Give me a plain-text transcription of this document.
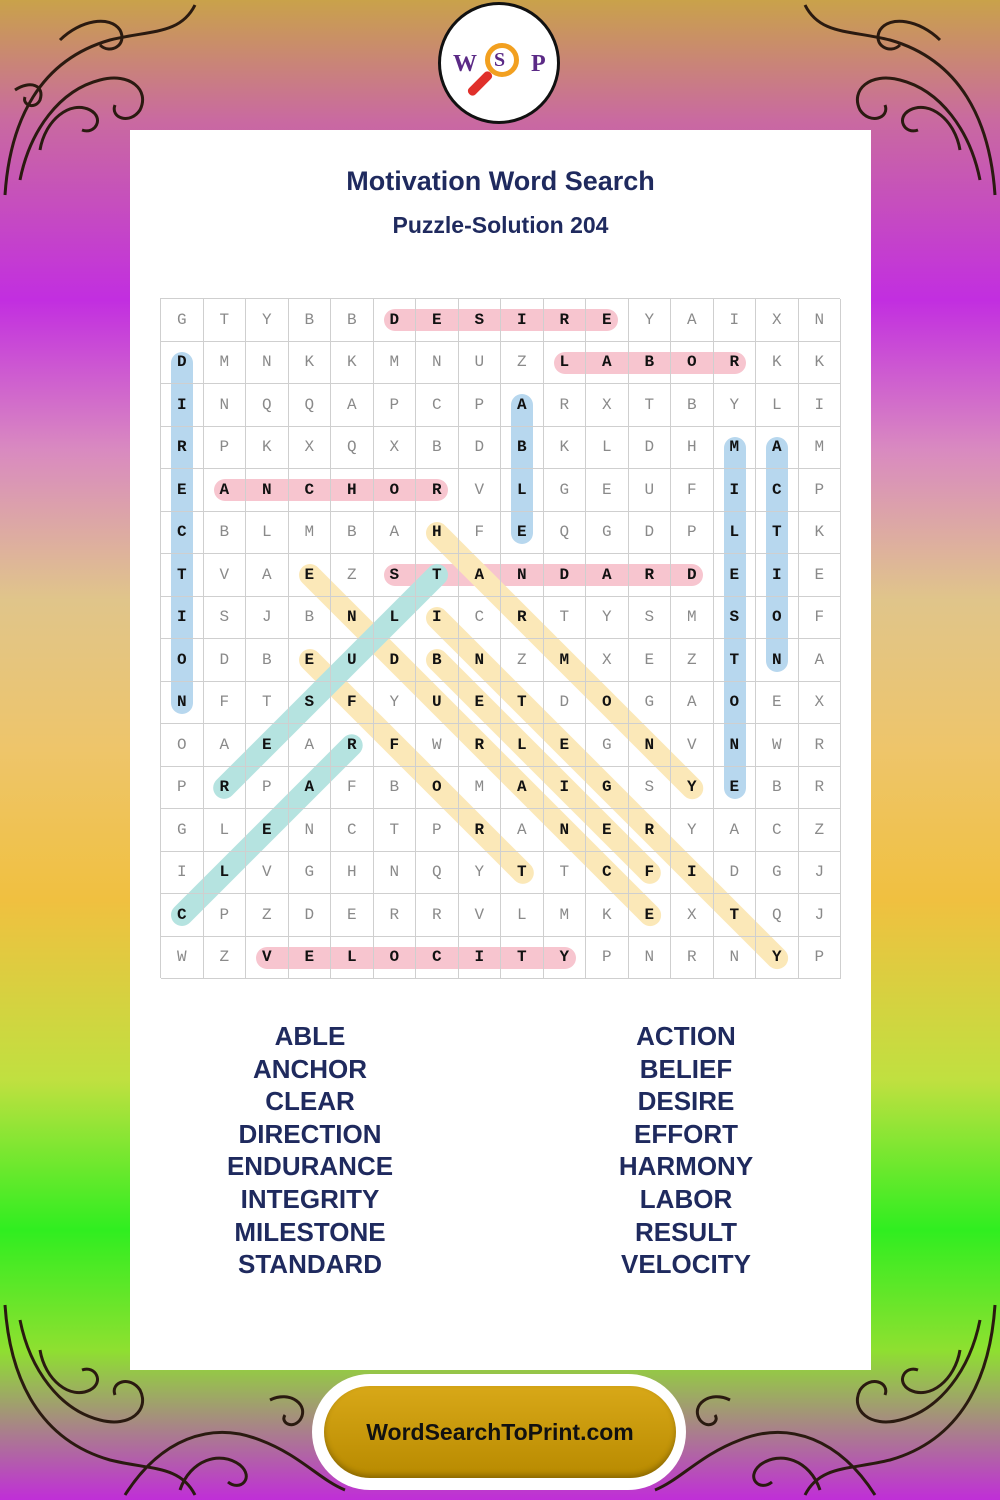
W S P
Motivation Word Search
Puzzle-Solution 204
G	T	Y	B	B	D	E	S	I	R	E	Y	A	I	X	N
D	M	N	K	K	M	N	U	Z	L	A	B	O	R	K	K
I	N	Q	Q	A	P	C	P	A	R	X	T	B	Y	L	I
R	P	K	X	Q	X	B	D	B	K	L	D	H	M	A	M
E	A	N	C	H	O	R	V	L	G	E	U	F	I	C	P
C	B	L	M	B	A	H	F	E	Q	G	D	P	L	T	K
T	V	A	E	Z	S	T	A	N	D	A	R	D	E	I	E
I	S	J	B	N	L	I	C	R	T	Y	S	M	S	O	F
O	D	B	E	U	D	B	N	Z	M	X	E	Z	T	N	A
N	F	T	S	F	Y	U	E	T	D	O	G	A	O	E	X
O	A	E	A	R	F	W	R	L	E	G	N	V	N	W	R
P	R	P	A	F	B	O	M	A	I	G	S	Y	E	B	R
G	L	E	N	C	T	P	R	A	N	E	R	Y	A	C	Z
I	L	V	G	H	N	Q	Y	T	T	C	F	I	D	G	J
C	P	Z	D	E	R	R	V	L	M	K	E	X	T	Q	J
W	Z	V	E	L	O	C	I	T	Y	P	N	R	N	Y	P
ABLE
ANCHOR
CLEAR
DIRECTION
ENDURANCE
INTEGRITY
MILESTONE
STANDARD
ACTION
BELIEF
DESIRE
EFFORT
HARMONY
LABOR
RESULT
VELOCITY
WordSearchToPrint.com
